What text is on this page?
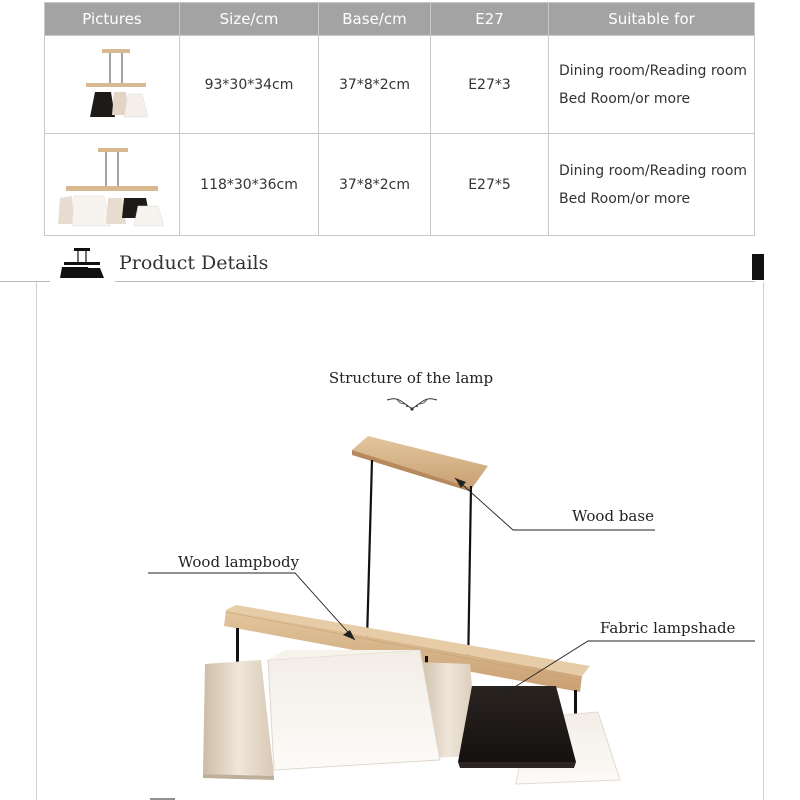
Pictures	Size/cm	Base/cm	E27	Suitable for

	93*30*34cm	37*8*2cm	E27*3	Dining room/Reading room
Bed Room/or more

	118*30*36cm	37*8*2cm	E27*5	Dining room/Reading room
Bed Room/or more
Product Details
Structure of the lamp
Wood base
Wood lampbody
Fabric lampshade
